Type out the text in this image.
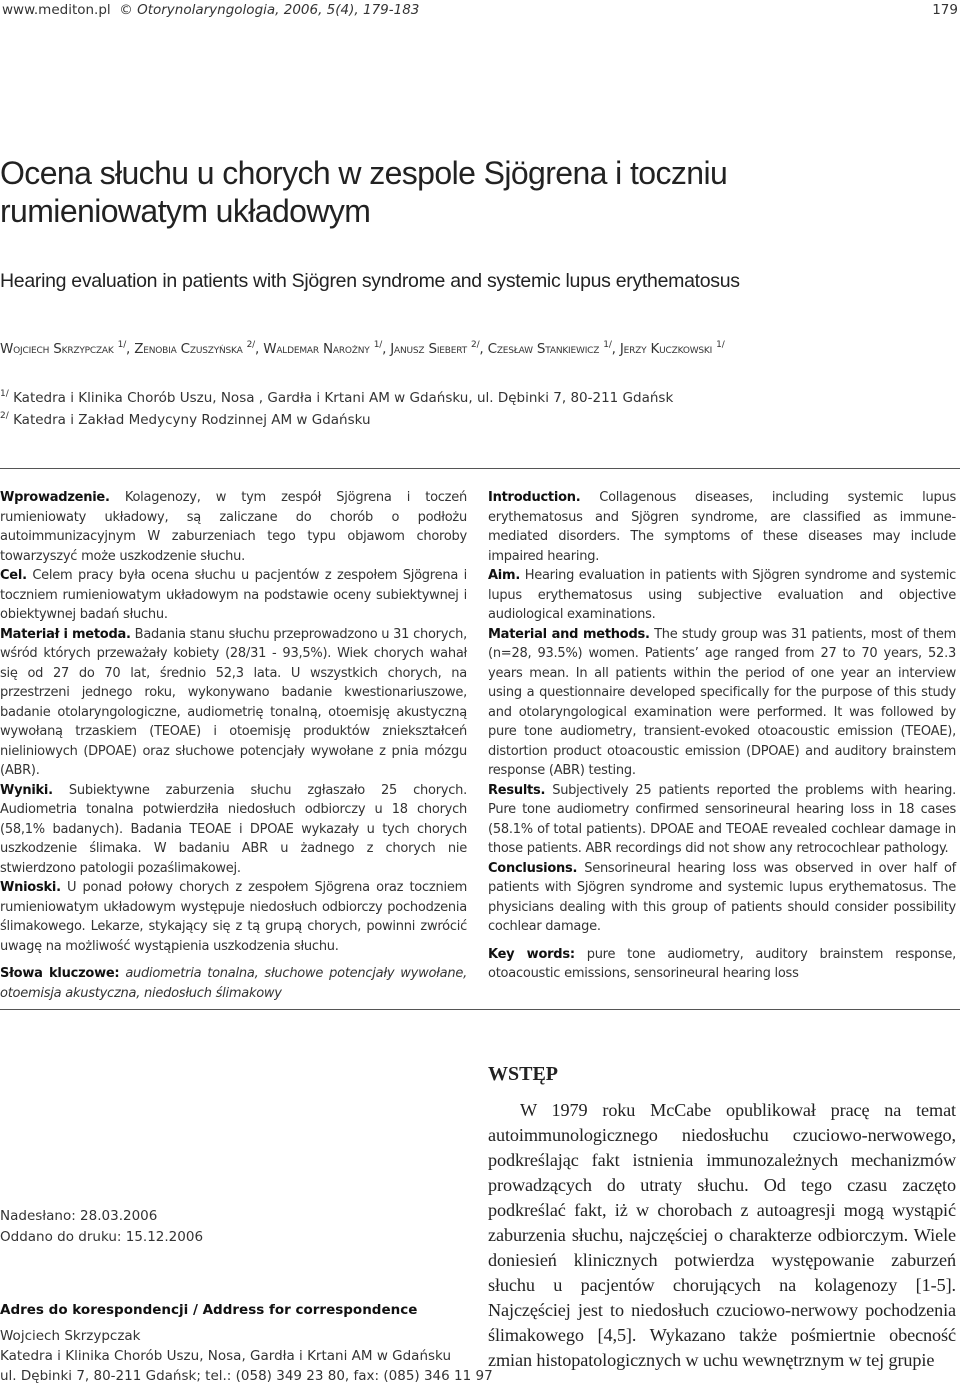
www.mediton.pl © Otorynolaryngologia, 2006, 5(4), 179-183	179
Ocena słuchu u chorych w zespole Sjögrena i toczniu
rumieniowatym układowym
Hearing evaluation in patients with Sjögren syndrome and systemic lupus erythematosus
Wojciech Skrzypczak $^{1/}$, Zenobia Czuszyńska $^{2/}$, Waldemar Narożny $^{1/}$, Janusz Siebert $^{2/}$, Czesław Stankiewicz $^{1/}$, Jerzy Kuczkowski $^{1/}$
$^{1/}$ Katedra i Klinika Chorób Uszu, Nosa , Gardła i Krtani AM w Gdańsku, ul. Dębinki 7, 80-211 Gdańsk
$^{2/}$ Katedra i Zakład Medycyny Rodzinnej AM w Gdańsku

Wprowadzenie. Kolagenozy, w tym zespół Sjögrena i toczeń rumieniowaty układowy, są zaliczane do chorób o podłożu autoimmunizacyjnym W zaburzeniach tego typu objawom choroby towarzyszyć może uszkodzenie słuchu.

Cel. Celem pracy była ocena słuchu u pacjentów z zespołem Sjögrena i toczniem rumieniowatym układowym na podstawie oceny subiektywnej i obiektywnej badań słuchu.

Materiał i metoda. Badania stanu słuchu przeprowadzono u 31 chorych, wśród których przeważały kobiety (28/31 - 93,5%). Wiek chorych wahał się od 27 do 70 lat, średnio 52,3 lata. U wszystkich chorych, na przestrzeni jednego roku, wykonywano badanie kwestionariuszowe, badanie otolaryngologiczne, audiometrię tonalną, otoemisję akustyczną wywołaną trzaskiem (TEOAE) i otoemisję produktów zniekształceń nieliniowych (DPOAE) oraz słuchowe potencjały wywołane z pnia mózgu (ABR).

Wyniki. Subiektywne zaburzenia słuchu zgłaszało 25 chorych. Audiometria tonalna potwierdziła niedosłuch odbiorczy u 18 chorych (58,1% badanych). Badania TEOAE i DPOAE wykazały u tych chorych uszkodzenie ślimaka. W badaniu ABR u żadnego z chorych nie stwierdzono patologii pozaślimakowej.

Wnioski. U ponad połowy chorych z zespołem Sjögrena oraz toczniem rumieniowatym układowym występuje niedosłuch odbiorczy pochodzenia ślimakowego. Lekarze, stykający się z tą grupą chorych, powinni zwrócić uwagę na możliwość wystąpienia uszkodzenia słuchu.

Słowa kluczowe: audiometria tonalna, słuchowe potencjały wywołane, otoemisja akustyczna, niedosłuch ślimakowy

Introduction. Collagenous diseases, including systemic lupus erythematosus and Sjögren syndrome, are classified as immune-mediated disorders. The symptoms of these diseases may include impaired hearing.

Aim. Hearing evaluation in patients with Sjögren syndrome and systemic lupus erythematosus using subjective evaluation and objective audiological examinations.

Material and methods. The study group was 31 patients, most of them (n=28, 93.5%) women. Patients’ age ranged from 27 to 70 years, 52.3 years mean. In all patients within the period of one year an interview using a questionnaire developed specifically for the purpose of this study and otolaryngological examination were performed. It was followed by pure tone audiometry, transient-evoked otoacoustic emission (TEOAE), distortion product otoacoustic emission (DPOAE) and auditory brainstem response (ABR) testing.

Results. Subjectively 25 patients reported the problems with hearing. Pure tone audiometry confirmed sensorineural hearing loss in 18 cases (58.1% of total patients). DPOAE and TEOAE revealed cochlear damage in those patients. ABR recordings did not show any retrocochlear pathology.

Conclusions. Sensorineural hearing loss was observed in over half of patients with Sjögren syndrome and systemic lupus erythematosus. The physicians dealing with this group of patients should consider possibility cochlear damage.

Key words: pure tone audiometry, auditory brainstem response, otoacoustic emissions, sensorineural hearing loss

WSTĘP
W 1979 roku McCabe opublikował pracę na temat autoimmunologicznego niedosłuchu czuciowo-nerwowego, podkreślając fakt istnienia immunozależnych mechanizmów prowadzących do utraty słuchu. Od tego czasu zaczęto podkreślać fakt, iż w chorobach z autoagresji mogą wystąpić zaburzenia słuchu, najczęściej o charakterze odbiorczym. Wiele doniesień klinicznych potwierdza występowanie zaburzeń słuchu u pacjentów chorujących na kolagenozy [1-5]. Najczęściej jest to niedosłuch czuciowo-nerwowy pochodzenia ślimakowego [4,5]. Wykazano także pośmiertnie obecność zmian histopatologicznych w uchu wewnętrznym w tej grupie
Nadesłano: 28.03.2006
Oddano do druku: 15.12.2006
Adres do korespondencji / Address for correspondence
Wojciech Skrzypczak
Katedra i Klinika Chorób Uszu, Nosa, Gardła i Krtani AM w Gdańsku
ul. Dębinki 7, 80-211 Gdańsk; tel.: (058) 349 23 80, fax: (085) 346 11 97
